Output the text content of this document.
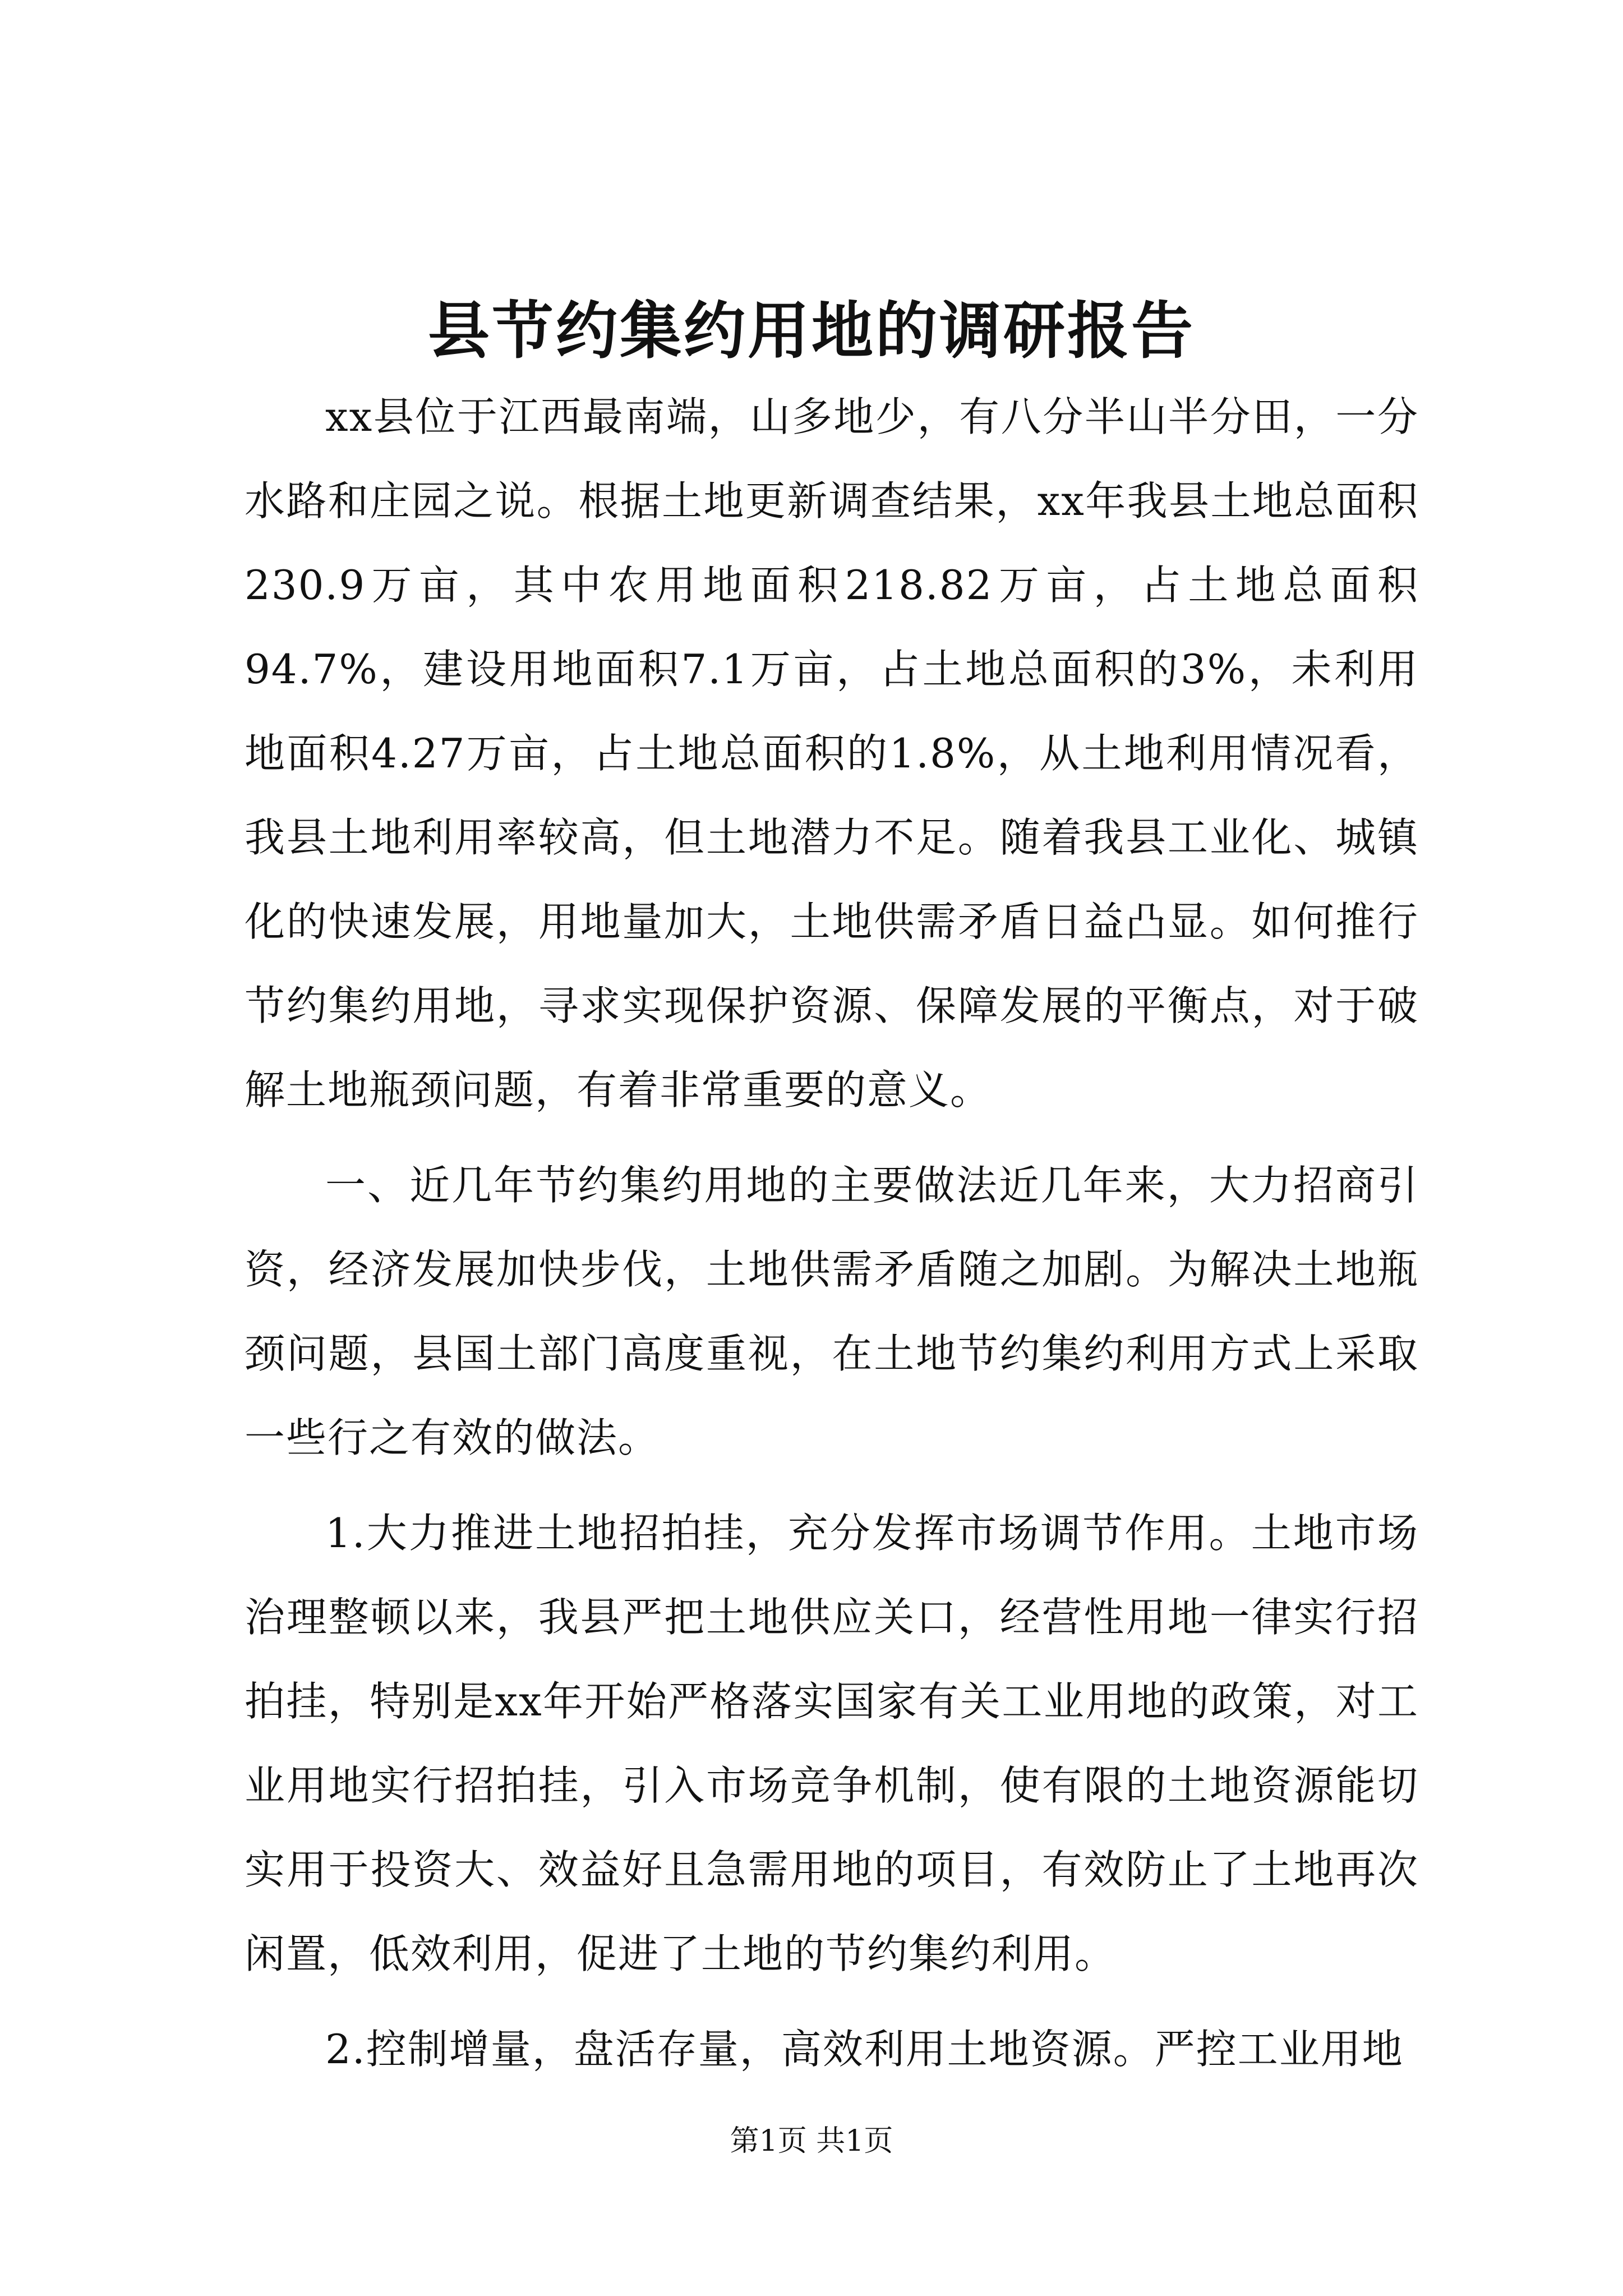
县节约集约用地的调研报告

xx县位于江西最南端，山多地少，有八分半山半分田，一分水路和庄园之说。根据土地更新调查结果，xx年我县土地总面积230.9万亩，其中农用地面积218.82万亩，占土地总面积94.7%，建设用地面积7.1万亩，占土地总面积的3%，未利用地面积4.27万亩，占土地总面积的1.8%，从土地利用情况看，我县土地利用率较高，但土地潜力不足。随着我县工业化、城镇化的快速发展，用地量加大，土地供需矛盾日益凸显。如何推行节约集约用地，寻求实现保护资源、保障发展的平衡点，对于破解土地瓶颈问题，有着非常重要的意义。

一、近几年节约集约用地的主要做法近几年来，大力招商引资，经济发展加快步伐，土地供需矛盾随之加剧。为解决土地瓶颈问题，县国土部门高度重视，在土地节约集约利用方式上采取一些行之有效的做法。

1.大力推进土地招拍挂，充分发挥市场调节作用。土地市场治理整顿以来，我县严把土地供应关口，经营性用地一律实行招拍挂，特别是xx年开始严格落实国家有关工业用地的政策，对工业用地实行招拍挂，引入市场竞争机制，使有限的土地资源能切实用于投资大、效益好且急需用地的项目，有效防止了土地再次闲置，低效利用，促进了土地的节约集约利用。

2.控制增量，盘活存量，高效利用土地资源。严控工业用地

第1页 共1页
